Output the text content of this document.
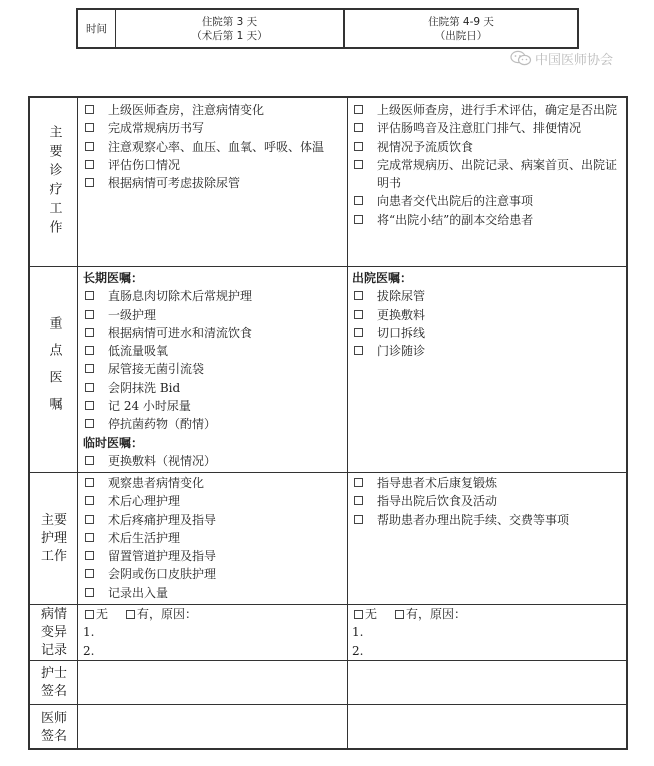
时间
住院第 3 天
（术后第 1 天）
住院第 4-9 天
（出院日）
中国医师协会
主要诊疗工作
上级医师查房，注意病情变化
完成常规病历书写
注意观察心率、血压、血氧、呼吸、体温
评估伤口情况
根据病情可考虑拔除尿管
上级医师查房，进行手术评估，确定是否出院
评估肠鸣音及注意肛门排气、排便情况
视情况予流质饮食
完成常规病历、出院记录、病案首页、出院证明书
向患者交代出院后的注意事项
将“出院小结”的副本交给患者
重点医嘱
长期医嘱：
直肠息肉切除术后常规护理
一级护理
根据病情可进水和清流饮食
低流量吸氧
尿管接无菌引流袋
会阴抹洗 Bid
记 24 小时尿量
停抗菌药物（酌情）
临时医嘱：
更换敷料（视情况）
出院医嘱：
拔除尿管
更换敷料
切口拆线
门诊随诊
主要护理工作
观察患者病情变化
术后心理护理
术后疼痛护理及指导
术后生活护理
留置管道护理及指导
会阴或伤口皮肤护理
记录出入量
指导患者术后康复锻炼
指导出院后饮食及活动
帮助患者办理出院手续、交费等事项
病情变异记录
无 有，原因：
1.
2.
无 有，原因：
1.
2.
护士签名
医师签名
